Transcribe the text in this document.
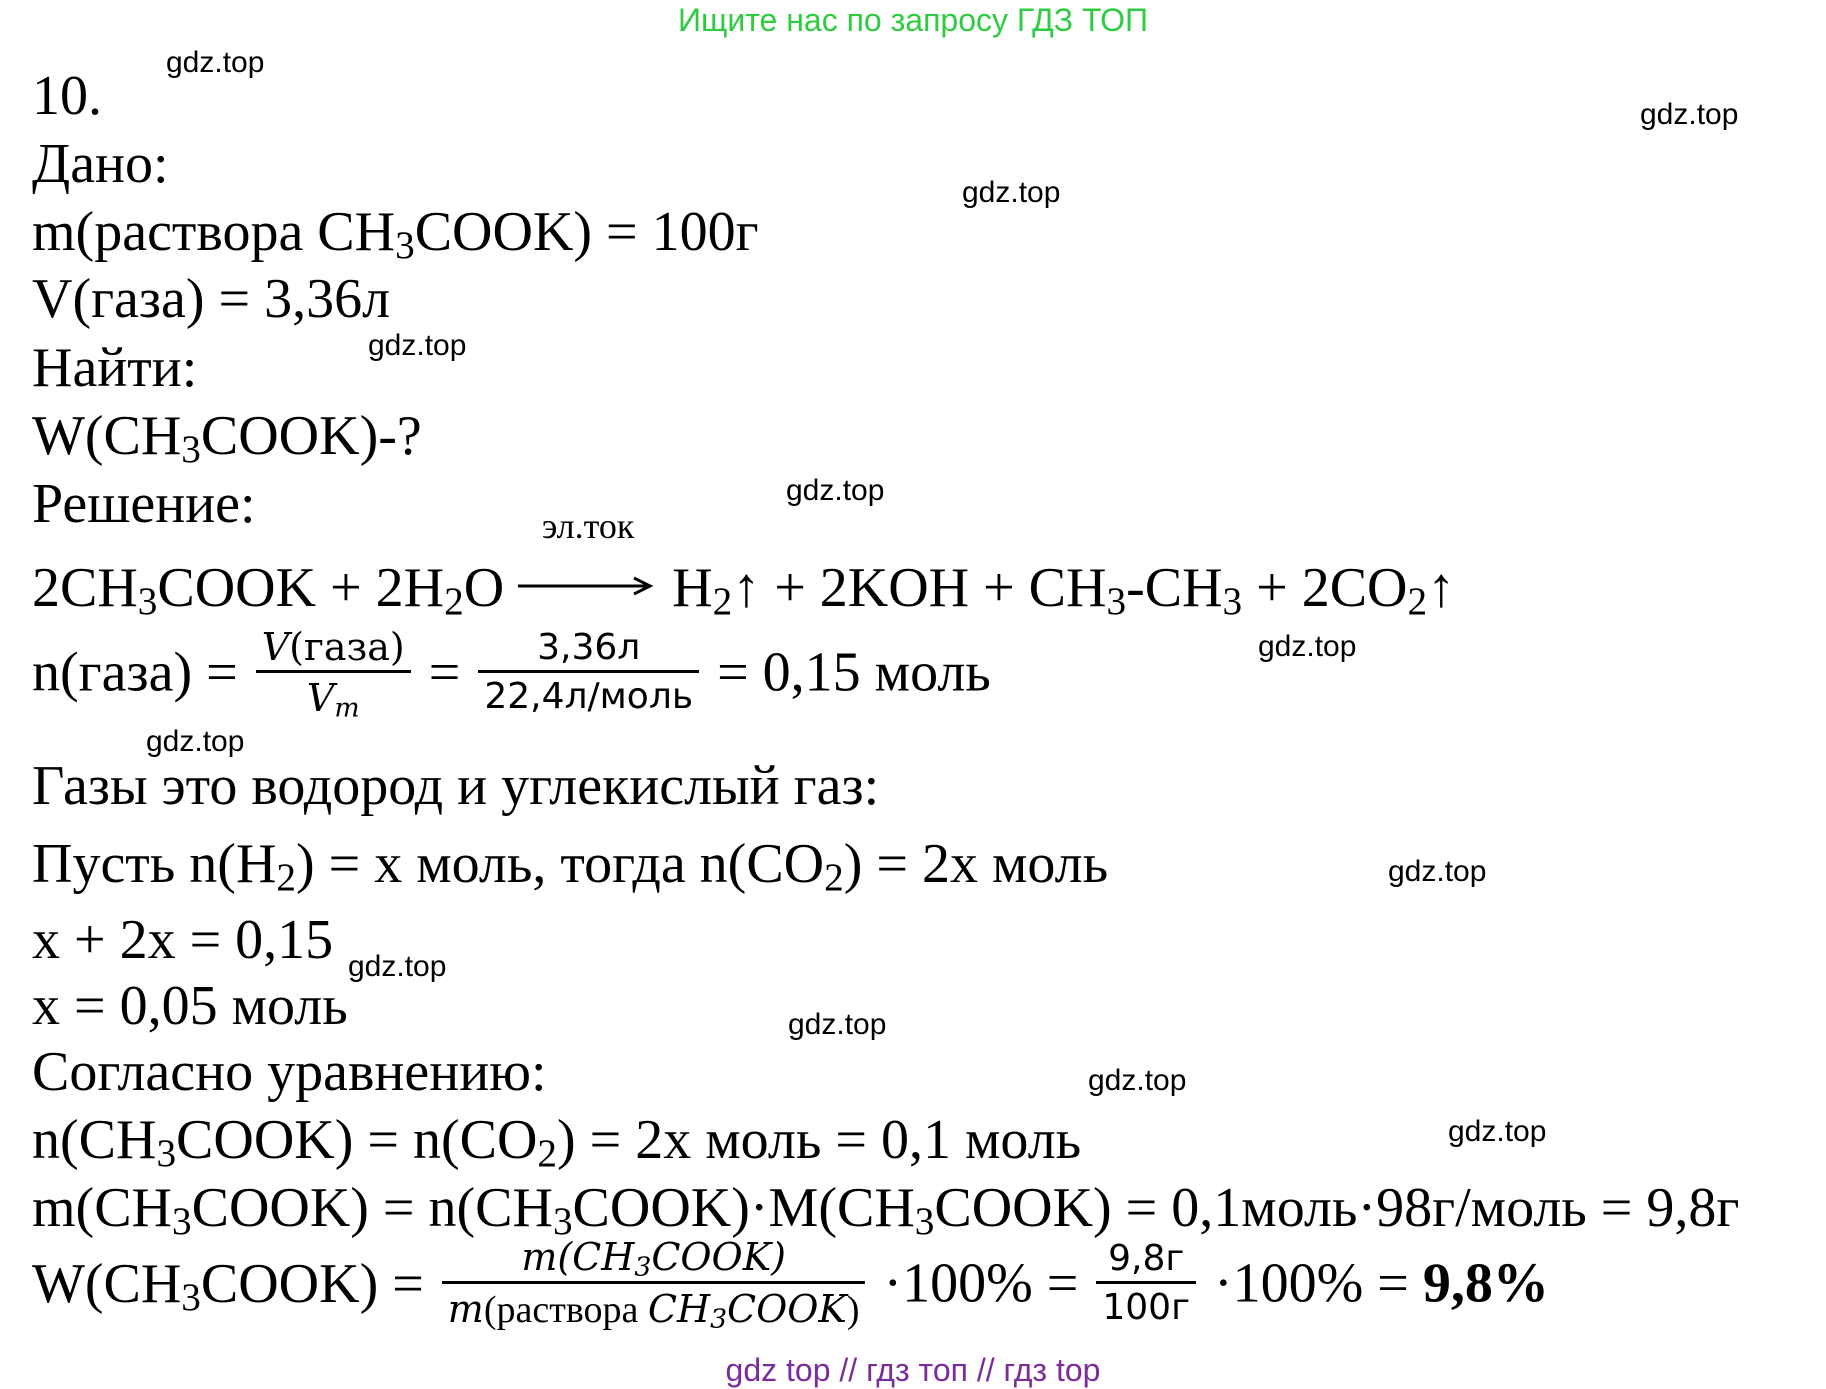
Ищите нас по запросу ГДЗ ТОП
gdz.top
gdz.top
gdz.top
gdz.top
gdz.top
gdz.top
gdz.top
gdz.top
gdz.top
gdz.top
gdz.top
gdz.top
10.
Дано:
m(раствора $CH_3COOK) = 100г$
V(газа) = 3,36л
Найти:
$W(CH_3COOK)-$?
Решение:
$2CH_3COOK + 2H_2O$
эл.ток
$H_2↑ + 2KOH + CH_3-CH_3$ + $2CO_2↑$
n(газа) = $\frac{\text{V(газа)}}{V_m} = \frac{3,36л}{\text{22,4л/моль}} = 0,15$ моль
Газы это водород и углекислый газ:
Пусть $n(H_2) = x$ моль, тогда $n(CO_2) = 2x$ моль
x + 2x = 0,15
x = 0,05 моль
Согласно уравнению:
$n(CH_3COOK) = n(CO_2) = 2x$ моль = 0,1 моль
$m(CH_3COOK)$ = $n(CH_3COOK)\cdot M(CH_3COOK)$ = 0,1моль·98г/моль = 9,8г
$W(CH_3COOK) = \frac{m(CH_3COOK)}{m(раствора CH_3COOK)} \cdot 100\% = \frac{9,8г}{100г} \cdot 100\% = 9,8\%$
gdz top // гдз топ // гдз top
